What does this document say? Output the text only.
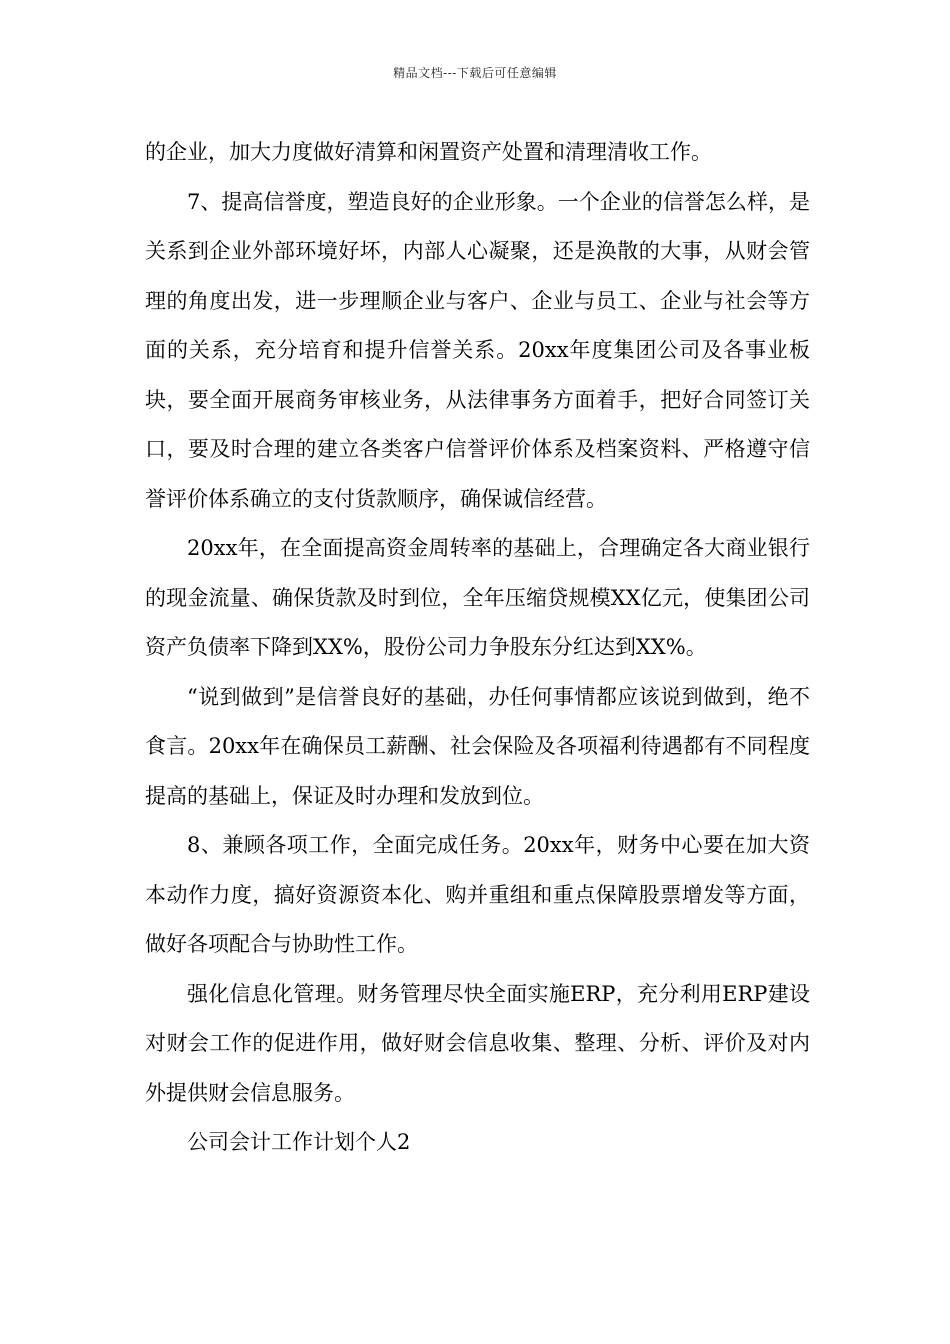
精品文档---下载后可任意编辑

的企业，加大力度做好清算和闲置资产处置和清理清收工作。

7、提高信誉度，塑造良好的企业形象。一个企业的信誉怎么样，是关系到企业外部环境好坏，内部人心凝聚，还是涣散的大事，从财会管理的角度出发，进一步理顺企业与客户、企业与员工、企业与社会等方面的关系，充分培育和提升信誉关系。20xx年度集团公司及各事业板块，要全面开展商务审核业务，从法律事务方面着手，把好合同签订关口，要及时合理的建立各类客户信誉评价体系及档案资料、严格遵守信誉评价体系确立的支付货款顺序，确保诚信经营。

20xx年，在全面提高资金周转率的基础上，合理确定各大商业银行的现金流量、确保货款及时到位，全年压缩贷规模XX亿元，使集团公司资产负债率下降到XX%，股份公司力争股东分红达到XX%。

“说到做到”是信誉良好的基础，办任何事情都应该说到做到，绝不食言。20xx年在确保员工薪酬、社会保险及各项福利待遇都有不同程度提高的基础上，保证及时办理和发放到位。

8、兼顾各项工作，全面完成任务。20xx年，财务中心要在加大资本动作力度，搞好资源资本化、购并重组和重点保障股票增发等方面，做好各项配合与协助性工作。

强化信息化管理。财务管理尽快全面实施ERP，充分利用ERP建设对财会工作的促进作用，做好财会信息收集、整理、分析、评价及对内外提供财会信息服务。

公司会计工作计划个人2
